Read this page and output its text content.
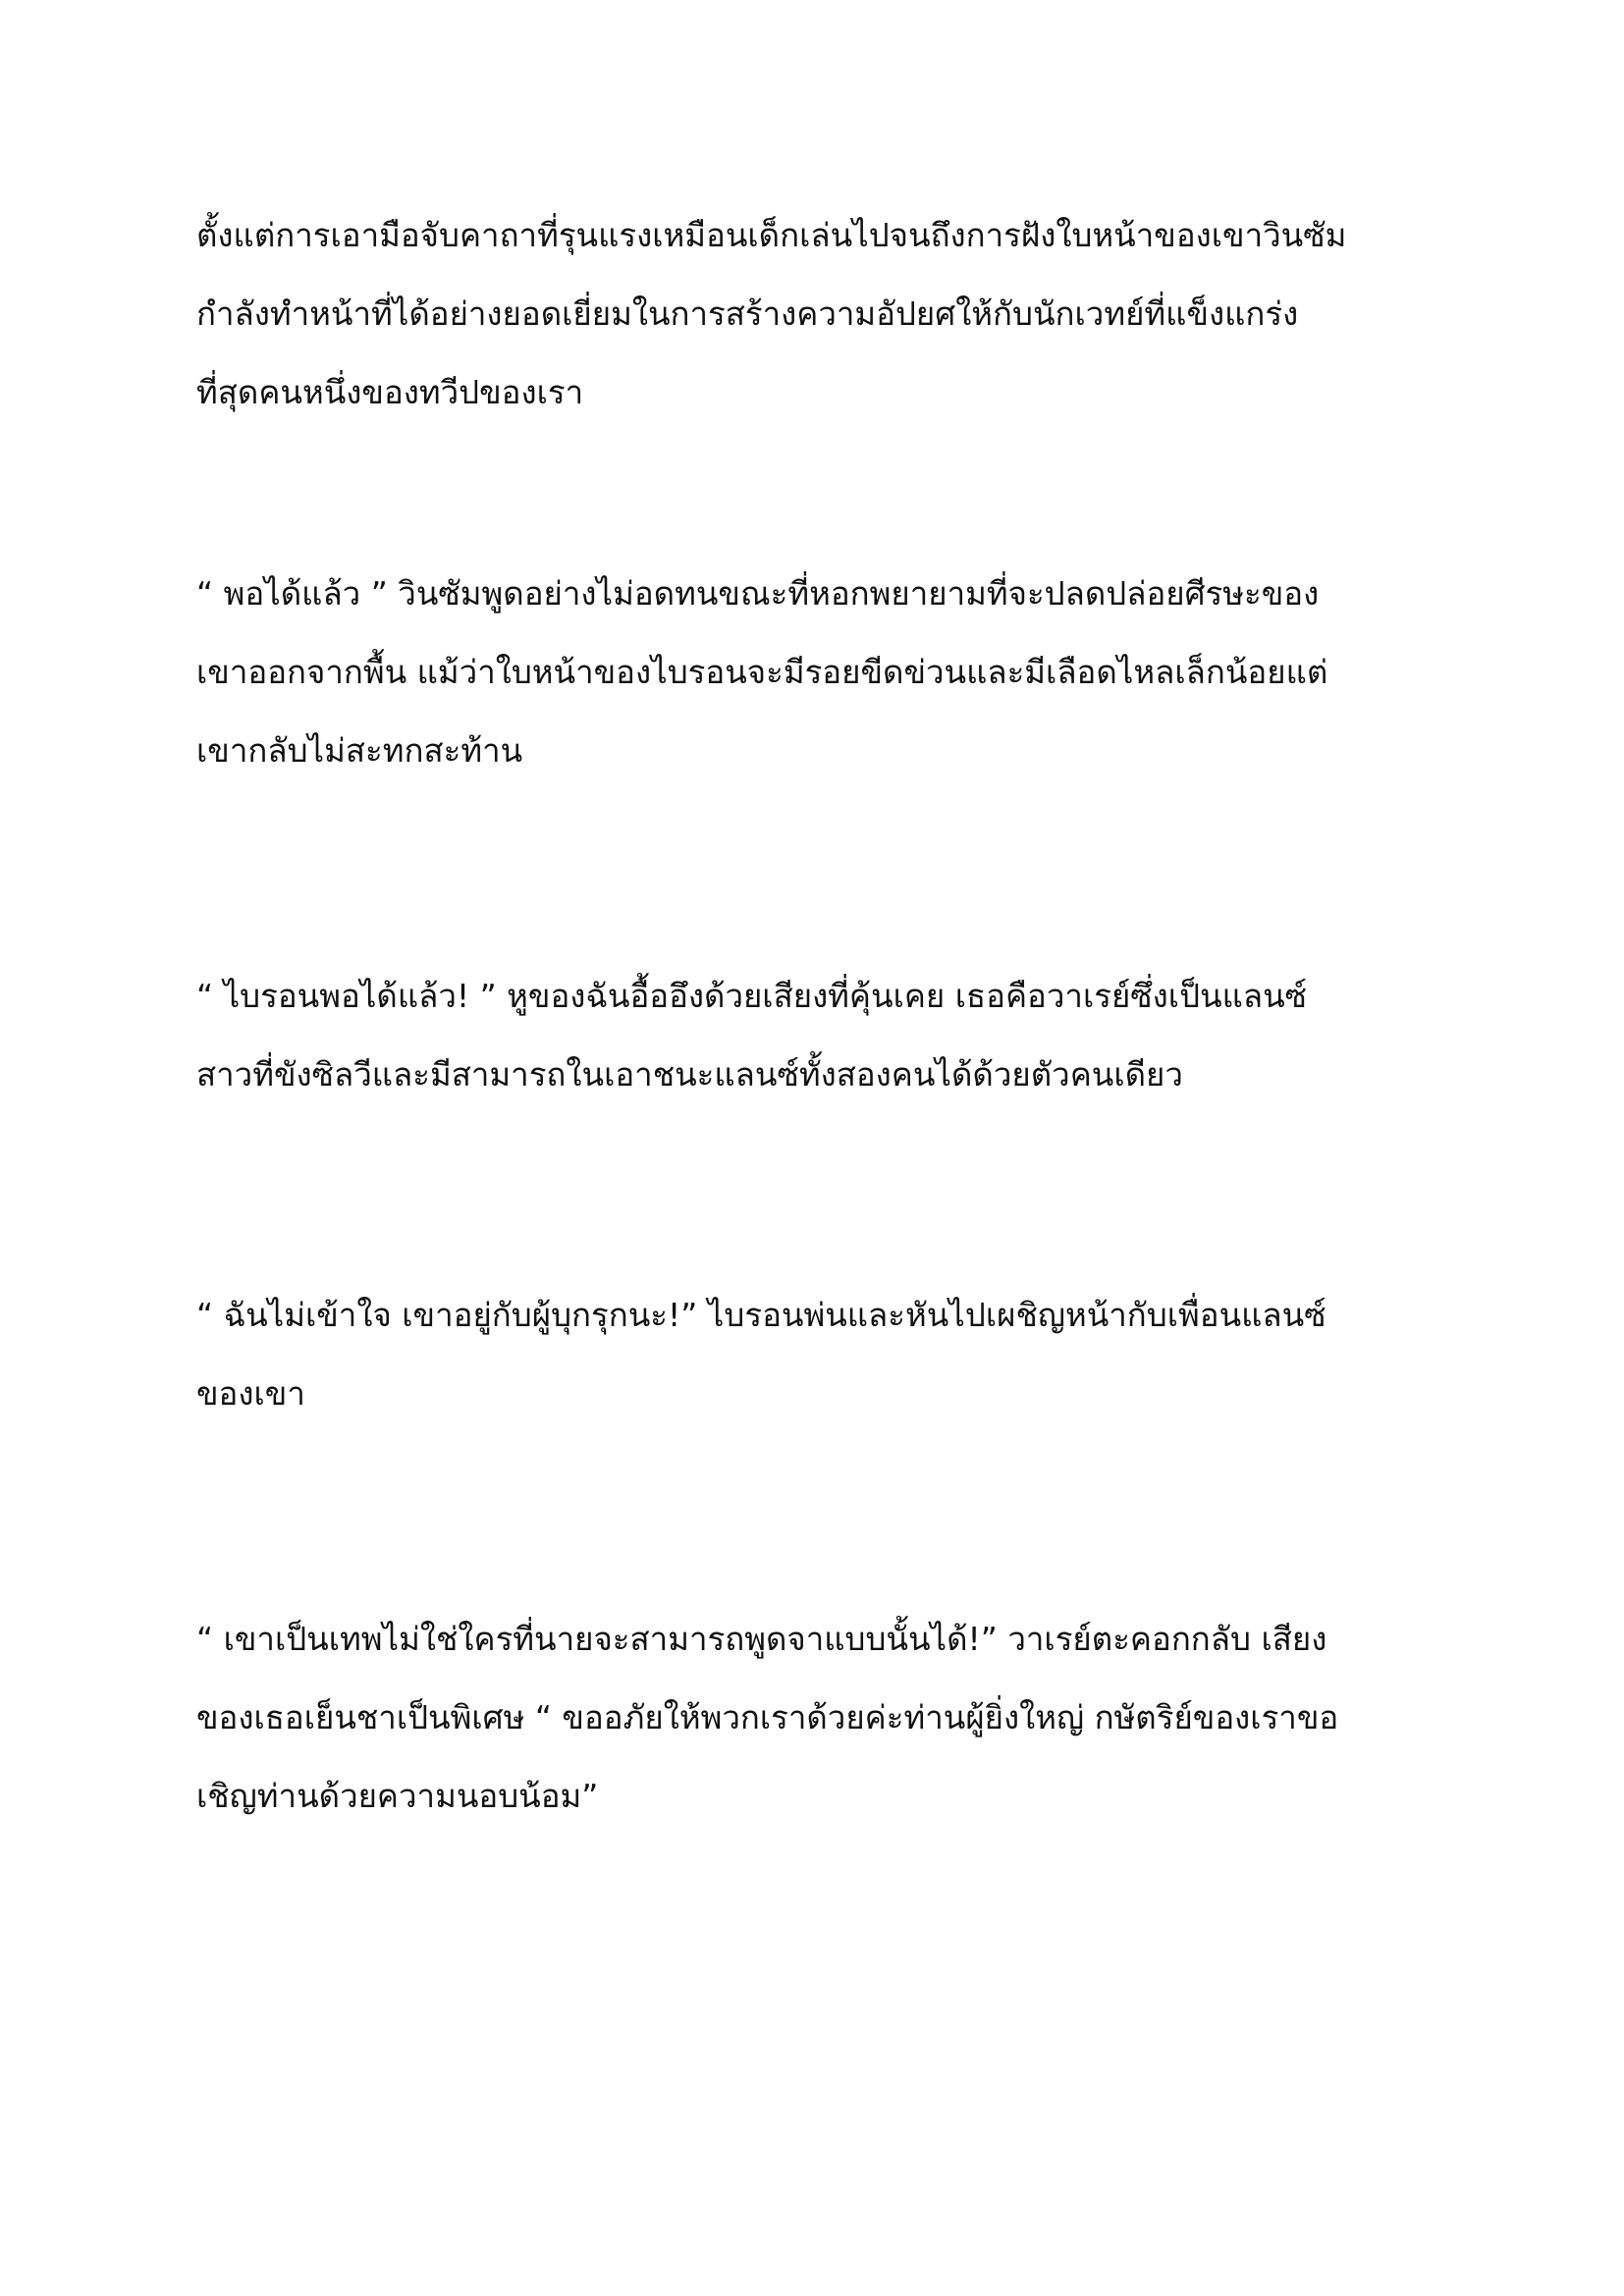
ตั้งแต่การเอามือจับคาถาที่รุนแรงเหมือนเด็กเล่นไปจนถึงการฝังใบหน้าของเขาวินซัม
กำลังทำหน้าที่ได้อย่างยอดเยี่ยมในการสร้างความอัปยศให้กับนักเวทย์ที่แข็งแกร่ง
ที่สุดคนหนึ่งของทวีปของเรา

“ พอได้แล้ว ” วินซัมพูดอย่างไม่อดทนขณะที่หอกพยายามที่จะปลดปล่อยศีรษะของ
เขาออกจากพื้น แม้ว่าใบหน้าของไบรอนจะมีรอยขีดข่วนและมีเลือดไหลเล็กน้อยแต่
เขากลับไม่สะทกสะท้าน

“ ไบรอนพอได้แล้ว! ” หูของฉันอื้ออึงด้วยเสียงที่คุ้นเคย เธอคือวาเรย์ซึ่งเป็นแลนซ์
สาวที่ขังซิลวีและมีสามารถในเอาชนะแลนซ์ทั้งสองคนได้ด้วยตัวคนเดียว

“ ฉันไม่เข้าใจ เขาอยู่กับผู้บุกรุกนะ!” ไบรอนพ่นและหันไปเผชิญหน้ากับเพื่อนแลนซ์
ของเขา

“ เขาเป็นเทพไม่ใช่ใครที่นายจะสามารถพูดจาแบบนั้นได้!” วาเรย์ตะคอกกลับ เสียง
ของเธอเย็นชาเป็นพิเศษ “ ขออภัยให้พวกเราด้วยค่ะท่านผู้ยิ่งใหญ่ กษัตริย์ของเราขอ
เชิญท่านด้วยความนอบน้อม”
